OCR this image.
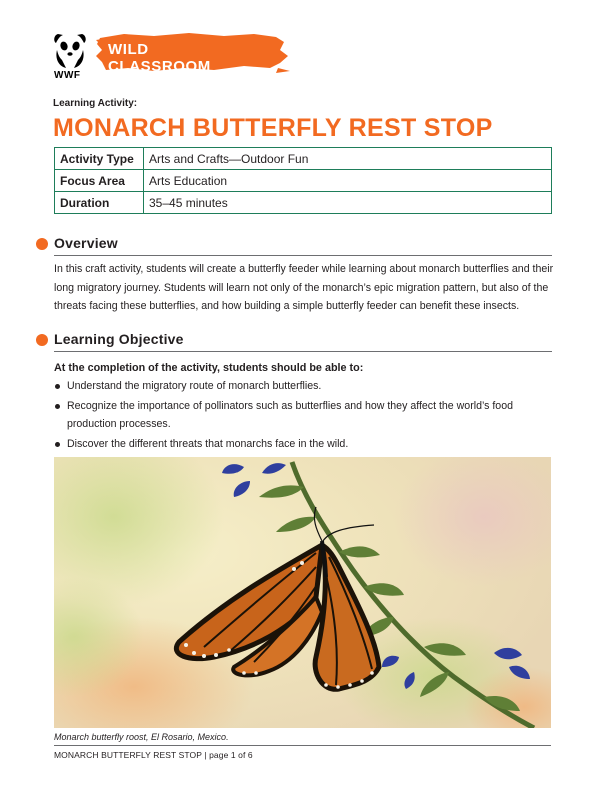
WWF
WILD CLASSROOM
Learning Activity:
MONARCH BUTTERFLY REST STOP
Activity Type	Arts and Crafts—Outdoor Fun
Focus Area	Arts Education
Duration	35–45 minutes
Overview
In this craft activity, students will create a butterfly feeder while learning about monarch butterflies and their long migratory journey. Students will learn not only of the monarch’s epic migration pattern, but also of the threats facing these butterflies, and how building a simple butterfly feeder can benefit these insects.
Learning Objective
At the completion of the activity, students should be able to:
Understand the migratory route of monarch butterflies.
Recognize the importance of pollinators such as butterflies and how they affect the world’s food production processes.
Discover the different threats that monarchs face in the wild.
Monarch butterfly roost, El Rosario, Mexico.
MONARCH BUTTERFLY REST STOP | page 1 of 6
